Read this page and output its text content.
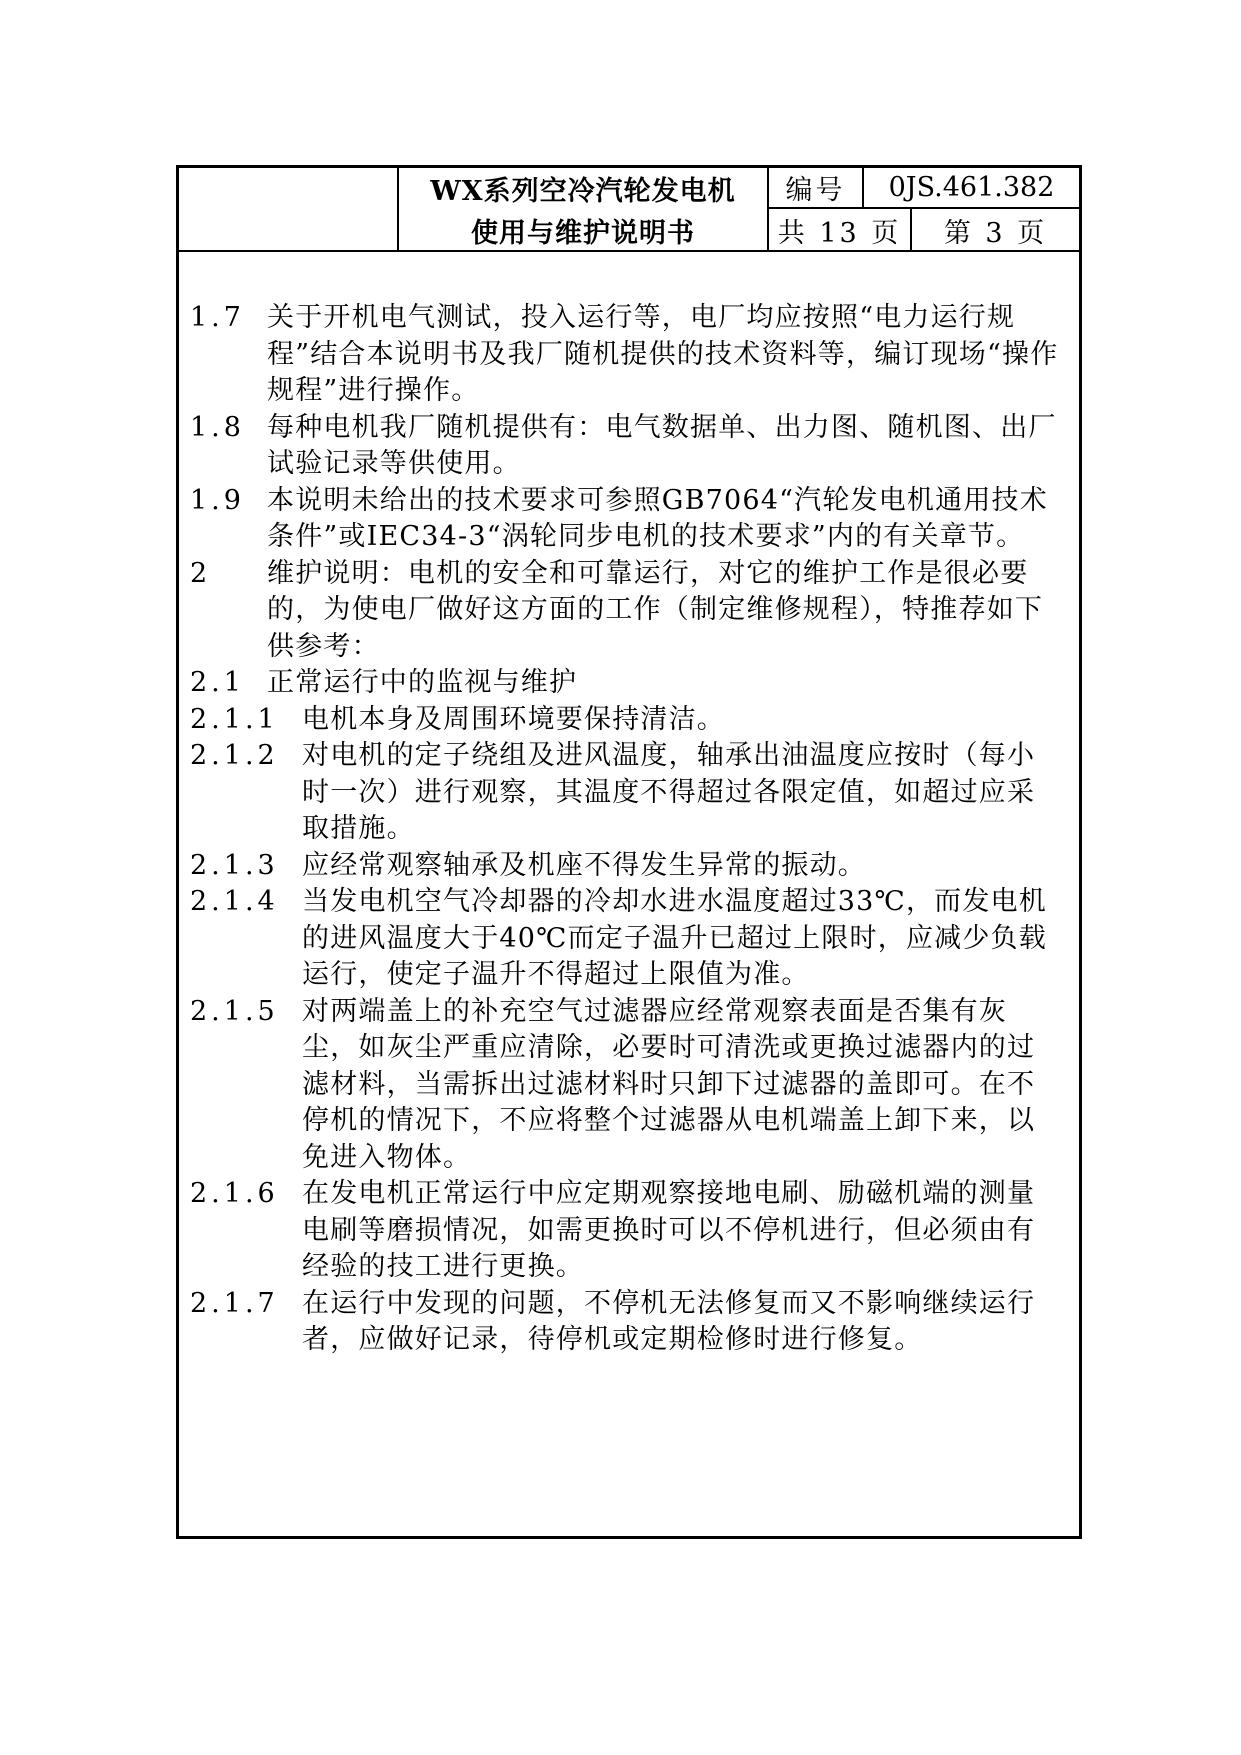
WX系列空冷汽轮发电机
使用与维护说明书
编号	0JS.461.382
共 13 页	第 3 页
1.7 关于开机电气测试，投入运行等，电厂均应按照“电力运行规程”结合本说明书及我厂随机提供的技术资料等，编订现场“操作规程”进行操作。
1.8 每种电机我厂随机提供有：电气数据单、出力图、随机图、出厂试验记录等供使用。
1.9 本说明未给出的技术要求可参照GB7064“汽轮发电机通用技术条件”或IEC34-3“涡轮同步电机的技术要求”内的有关章节。
2 维护说明：电机的安全和可靠运行，对它的维护工作是很必要的，为使电厂做好这方面的工作（制定维修规程），特推荐如下供参考：
2.1 正常运行中的监视与维护
2.1.1 电机本身及周围环境要保持清洁。
2.1.2 对电机的定子绕组及进风温度，轴承出油温度应按时（每小时一次）进行观察，其温度不得超过各限定值，如超过应采取措施。
2.1.3 应经常观察轴承及机座不得发生异常的振动。
2.1.4 当发电机空气冷却器的冷却水进水温度超过33℃，而发电机的进风温度大于40℃而定子温升已超过上限时，应减少负载运行，使定子温升不得超过上限值为准。
2.1.5 对两端盖上的补充空气过滤器应经常观察表面是否集有灰尘，如灰尘严重应清除，必要时可清洗或更换过滤器内的过滤材料，当需拆出过滤材料时只卸下过滤器的盖即可。在不停机的情况下，不应将整个过滤器从电机端盖上卸下来，以免进入物体。
2.1.6 在发电机正常运行中应定期观察接地电刷、励磁机端的测量电刷等磨损情况，如需更换时可以不停机进行，但必须由有经验的技工进行更换。
2.1.7 在运行中发现的问题，不停机无法修复而又不影响继续运行者，应做好记录，待停机或定期检修时进行修复。
